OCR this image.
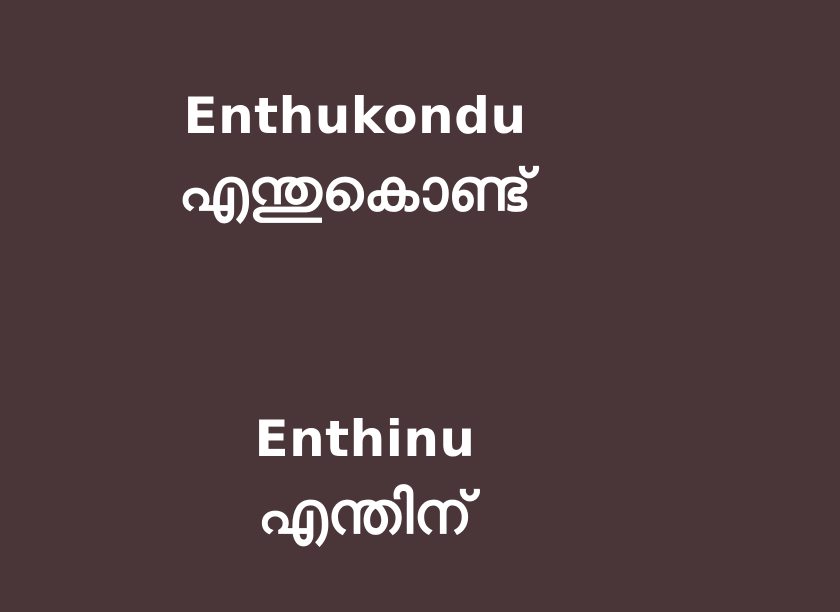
Enthukondu
എന്തുകൊണ്ട്
Enthinu
എന്തിന്
